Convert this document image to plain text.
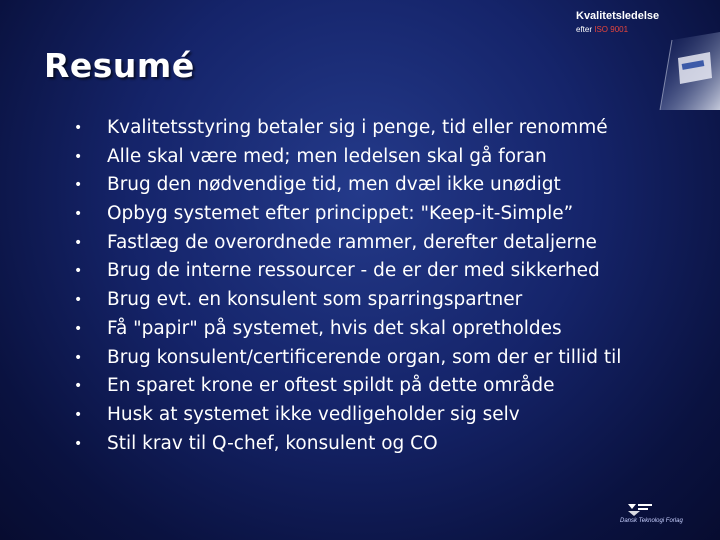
Kvalitetsledelse
efter ISO 9001
Resumé
•	Kvalitetsstyring betaler sig i penge, tid eller renommé
•	Alle skal være med; men ledelsen skal gå foran
•	Brug den nødvendige tid, men dvæl ikke unødigt
•	Opbyg systemet efter princippet: "Keep-it-Simple”
•	Fastlæg de overordnede rammer, derefter detaljerne
•	Brug de interne ressourcer - de er der med sikkerhed
•	Brug evt. en konsulent som sparringspartner
•	Få "papir" på systemet, hvis det skal opretholdes
•	Brug konsulent/certificerende organ, som der er tillid til
•	En sparet krone er oftest spildt på dette område
•	Husk at systemet ikke vedligeholder sig selv
•	Stil krav til Q-chef, konsulent og CO
Dansk Teknologi Forlag
